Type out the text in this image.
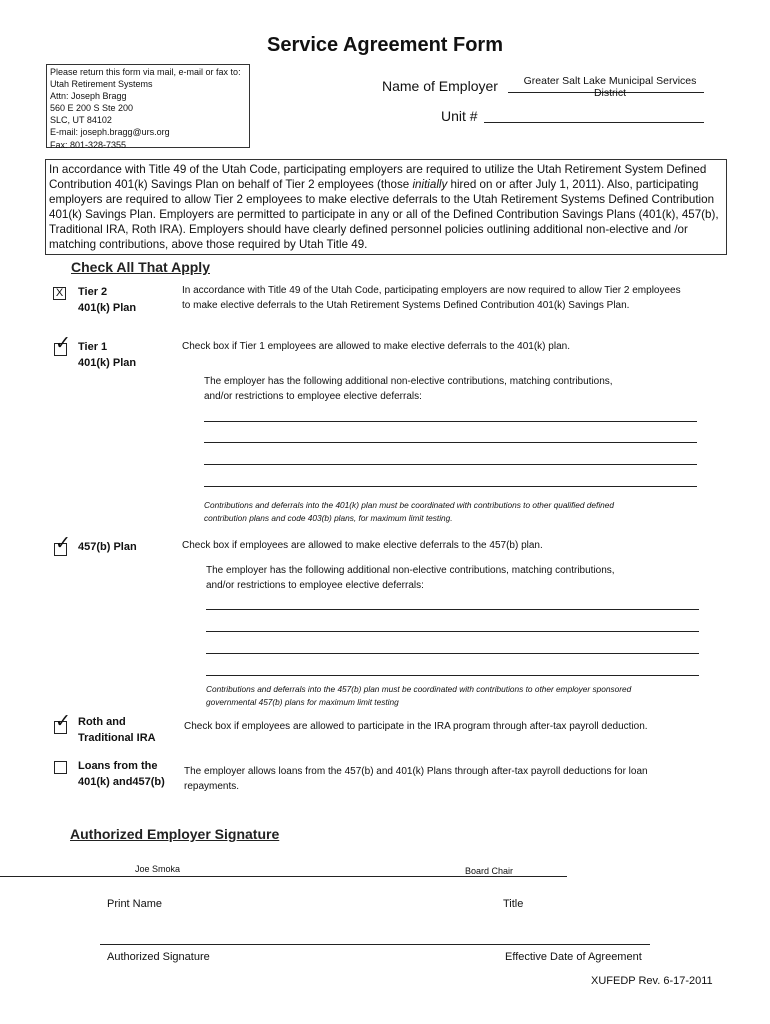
Service Agreement Form
Please return this form via mail, e-mail or fax to:
Utah Retirement Systems
Attn: Joseph Bragg
560 E 200 S Ste 200
SLC, UT 84102
E-mail: joseph.bragg@urs.org
Fax: 801-328-7355
Name of Employer	Greater Salt Lake Municipal Services District
Unit #
In accordance with Title 49 of the Utah Code, participating employers are required to utilize the Utah Retirement System Defined Contribution 401(k) Savings Plan on behalf of Tier 2 employees (those initially hired on or after July 1, 2011). Also, participating employers are required to allow Tier 2 employees to make elective deferrals to the Utah Retirement Systems Defined Contribution 401(k) Savings Plan. Employers are permitted to participate in any or all of the Defined Contribution Savings Plans (401(k), 457(b), Traditional IRA, Roth IRA). Employers should have clearly defined personnel policies outlining additional non-elective and /or matching contributions, above those required by Utah Title 49.
Check All That Apply
X Tier 2
401(k) Plan
In accordance with Title 49 of the Utah Code, participating employers are now required to allow Tier 2 employees
to make elective deferrals to the Utah Retirement Systems Defined Contribution 401(k) Savings Plan.
✓ Tier 1
401(k) Plan
Check box if Tier 1 employees are allowed to make elective deferrals to the 401(k) plan.
The employer has the following additional non-elective contributions, matching contributions,
and/or restrictions to employee elective deferrals:
Contributions and deferrals into the 401(k) plan must be coordinated with contributions to other qualified defined
contribution plans and code 403(b) plans, for maximum limit testing.
✓ 457(b) Plan	Check box if employees are allowed to make elective deferrals to the 457(b) plan.
The employer has the following additional non-elective contributions, matching contributions,
and/or restrictions to employee elective deferrals:
Contributions and deferrals into the 457(b) plan must be coordinated with contributions to other employer sponsored
governmental 457(b) plans for maximum limit testing
✓ Roth and
Traditional IRA
Check box if employees are allowed to participate in the IRA program through after-tax payroll deduction.
Loans from the
401(k) and457(b)
The employer allows loans from the 457(b) and 401(k) Plans through after-tax payroll deductions for loan
repayments.
Authorized Employer Signature
Joe Smoka	Board Chair
Print Name	Title
Authorized Signature	Effective Date of Agreement
XUFEDP Rev. 6-17-2011
